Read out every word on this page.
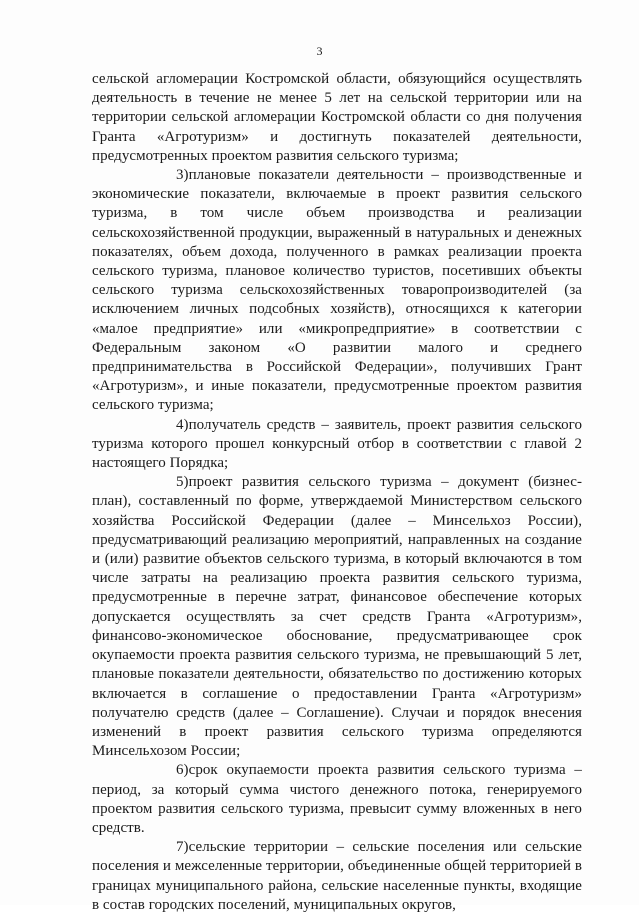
3

сельской агломерации Костромской области, обязующийся осуществлять деятельность в течение не менее 5 лет на сельской территории или на территории сельской агломерации Костромской области со дня получения Гранта «Агротуризм» и достигнуть показателей деятельности, предусмотренных проектом развития сельского туризма;

3)плановые показатели деятельности – производственные и экономические показатели, включаемые в проект развития сельского туризма, в том числе объем производства и реализации сельскохозяйственной продукции, выраженный в натуральных и денежных показателях, объем дохода, полученного в рамках реализации проекта сельского туризма, плановое количество туристов, посетивших объекты сельского туризма сельскохозяйственных товаропроизводителей (за исключением личных подсобных хозяйств), относящихся к категории «малое предприятие» или «микропредприятие» в соответствии с Федеральным законом «О развитии малого и среднего предпринимательства в Российской Федерации», получивших Грант «Агротуризм», и иные показатели, предусмотренные проектом развития сельского туризма;

4)получатель средств – заявитель, проект развития сельского туризма которого прошел конкурсный отбор в соответствии с главой 2 настоящего Порядка;

5)проект развития сельского туризма – документ (бизнес-план), составленный по форме, утверждаемой Министерством сельского хозяйства Российской Федерации (далее – Минсельхоз России), предусматривающий реализацию мероприятий, направленных на создание и (или) развитие объектов сельского туризма, в который включаются в том числе затраты на реализацию проекта развития сельского туризма, предусмотренные в перечне затрат, финансовое обеспечение которых допускается осуществлять за счет средств Гранта «Агротуризм», финансово-экономическое обоснование, предусматривающее срок окупаемости проекта развития сельского туризма, не превышающий 5 лет, плановые показатели деятельности, обязательство по достижению которых включается в соглашение о предоставлении Гранта «Агротуризм» получателю средств (далее – Соглашение). Случаи и порядок внесения изменений в проект развития сельского туризма определяются Минсельхозом России;

6)срок окупаемости проекта развития сельского туризма – период, за который сумма чистого денежного потока, генерируемого проектом развития сельского туризма, превысит сумму вложенных в него средств.

7)сельские территории – сельские поселения или сельские поселения и межселенные территории, объединенные общей территорией в границах муниципального района, сельские населенные пункты, входящие в состав городских поселений, муниципальных округов,
